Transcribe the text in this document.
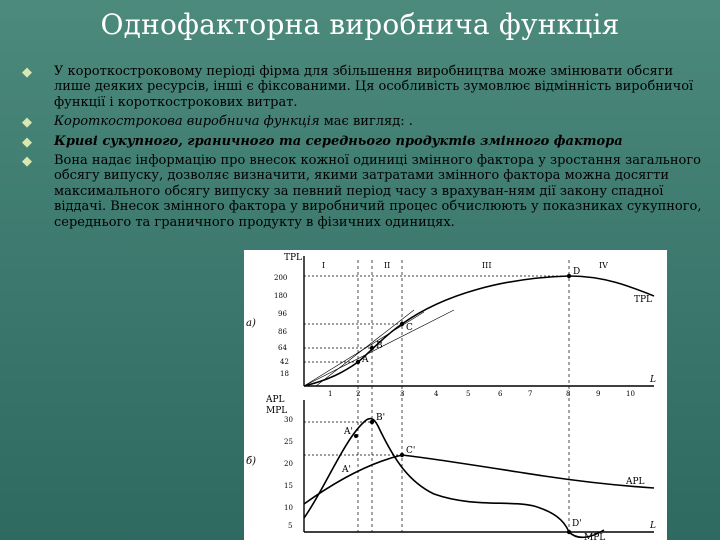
Однофакторна виробнича функція
◆ У короткостроковому періоді фірма для збільшення виробництва може змінювати обсяги лише деяких ресурсів, інші є фіксованими. Ця особливість зумовлює відмінність виробничої функції і короткострокових витрат.
◆ Короткострокова виробнича функція має вигляд: .
◆ Криві сукупного, граничного та середнього продуктів змінного фактора
◆ Вона надає інформацію про внесок кожної одиниці змінного фактора у зростання загального обсягу випуску, дозволяє визначити, якими затратами змінного фактора можна досягти максимального обсягу випуску за певний період часу з врахуван-ням дії закону спадної віддачі. Внесок змінного фактора у виробничий процес обчислюють у показниках сукупного, середнього та граничного продукту в фізичних одиницях.
а)
TPL
L
200
180
96
86
64
42
18
I	II	III	IV
A
B
C
D
TPL
1	2	3	4	5	6	7	8	9	10
б)
APL
MPL
L
30
25
20
15
10
5
B'
A'
C'
A'
D'
APL
MPL
